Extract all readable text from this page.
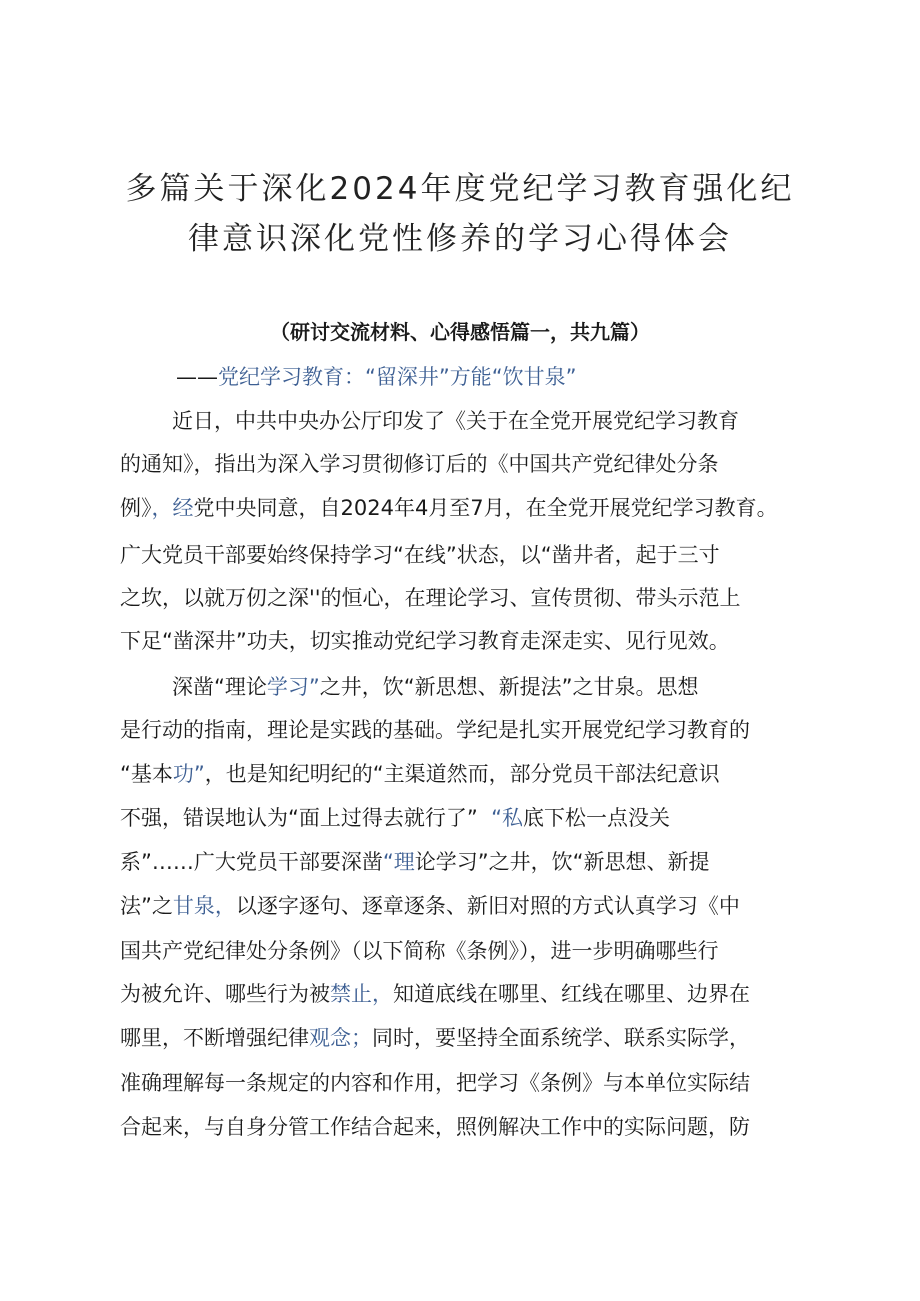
多篇关于深化2024年度党纪学习教育强化纪
律意识深化党性修养的学习心得体会
（研讨交流材料、心得感悟篇一，共九篇）
——党纪学习教育：“留深井”方能“饮甘泉”
近日，中共中央办公厅印发了《关于在全党开展党纪学习教育
的通知》，指出为深入学习贯彻修订后的《中国共产党纪律处分条
例》，经党中央同意，自2024年4月至7月，在全党开展党纪学习教育。
广大党员干部要始终保持学习“在线”状态，以“凿井者，起于三寸
之坎，以就万仞之深''的恒心，在理论学习、宣传贯彻、带头示范上
下足“凿深井”功夫，切实推动党纪学习教育走深走实、见行见效。
深凿“理论学习”之井，饮“新思想、新提法”之甘泉。思想
是行动的指南，理论是实践的基础。学纪是扎实开展党纪学习教育的
“基本功”，也是知纪明纪的“主渠道然而，部分党员干部法纪意识
不强，错误地认为“面上过得去就行了”  “私底下松一点没关
系”……广大党员干部要深凿“理论学习”之井，饮“新思想、新提
法”之甘泉，以逐字逐句、逐章逐条、新旧对照的方式认真学习《中
国共产党纪律处分条例》（以下简称《条例》），进一步明确哪些行
为被允许、哪些行为被禁止，知道底线在哪里、红线在哪里、边界在
哪里，不断增强纪律观念；同时，要坚持全面系统学、联系实际学，
准确理解每一条规定的内容和作用，把学习《条例》与本单位实际结
合起来，与自身分管工作结合起来，照例解决工作中的实际问题，防
